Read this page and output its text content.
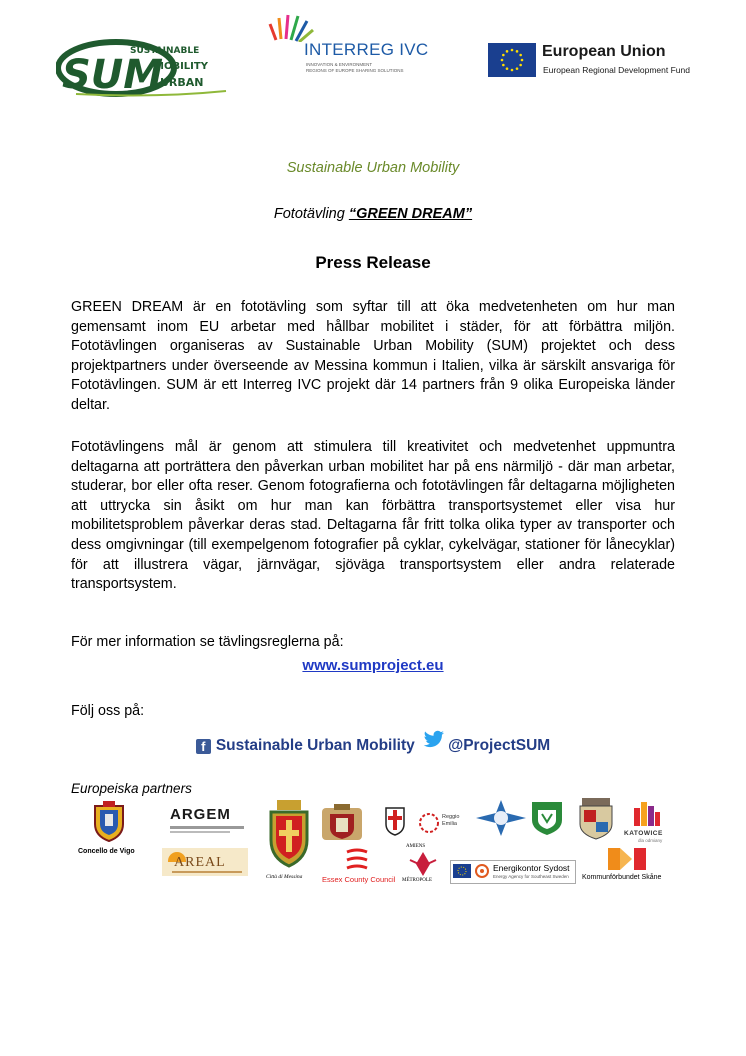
SUM
SUSTAINABLE
MOBILITY
URBAN
INTERREG IVC
INNOVATION & ENVIRONMENT
REGIONS OF EUROPE SHARING SOLUTIONS
European Union
European Regional Development Fund
Sustainable Urban Mobility
Fototävling “GREEN DREAM”
Press Release
GREEN DREAM är en fototävling som syftar till att öka medvetenheten om hur man gemensamt inom EU arbetar med hållbar mobilitet i städer, för att förbättra miljön. Fototävlingen organiseras av Sustainable Urban Mobility (SUM) projektet och dess projektpartners under överseende av Messina kommun i Italien, vilka är särskilt ansvariga för Fototävlingen. SUM är ett Interreg IVC projekt där 14 partners från 9 olika Europeiska länder deltar.
Fototävlingens mål är genom att stimulera till kreativitet och medvetenhet uppmuntra deltagarna att porträttera den påverkan urban mobilitet har på ens närmiljö - där man arbetar, studerar, bor eller ofta reser. Genom fotografierna och fototävlingen får deltagarna möjligheten att uttrycka sin åsikt om hur man kan förbättra transportsystemet eller visa hur mobilitetsproblem påverkar deras stad. Deltagarna får fritt tolka olika typer av transporter och dess omgivningar (till exempelgenom fotografier på cyklar, cykelvägar, stationer för lånecyklar) för att illustrera vägar, järnvägar, sjöväga transportsystem eller andra relaterade transportsystem.
För mer information se tävlingsreglerna på:
www.sumproject.eu
Följ oss på:
f Sustainable Urban Mobility @ProjectSUM
Europeiska partners
Concello de Vigo
ARGEM
AREAL
Città di Messina	Essex County Council
Reggio Emilia
AMIENS
MÉTROPOLE
KATOWICE
dla odmiany
Energikontor Sydost
Energy Agency for Southeast Sweden Kommunförbundet Skåne
